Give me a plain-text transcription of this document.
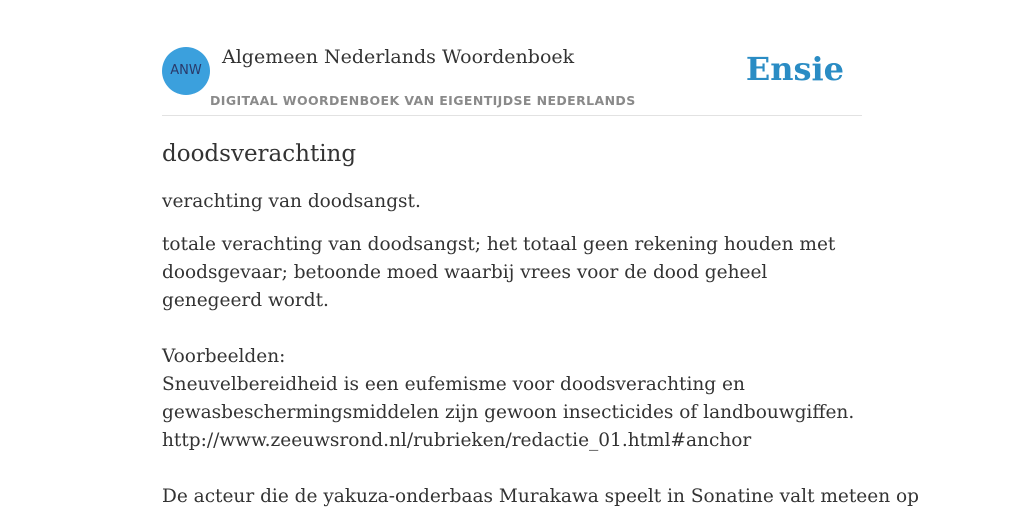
ANW
Algemeen Nederlands Woordenboek
DIGITAAL WOORDENBOEK VAN EIGENTIJDSE NEDERLANDS
Ensie
doodsverachting

verachting van doodsangst.

totale verachting van doodsangst; het totaal geen rekening houden met doodsgevaar; betoonde moed waarbij vrees voor de dood geheel genegeerd wordt.

Voorbeelden:

Sneuvelbereidheid is een eufemisme voor doodsverachting en

gewasbeschermingsmiddelen zijn gewoon insecticides of landbouwgiffen.

http://www.zeeuwsrond.nl/rubrieken/redactie_01.html#anchor

De acteur die de yakuza-onderbaas Murakawa speelt in Sonatine valt meteen op
